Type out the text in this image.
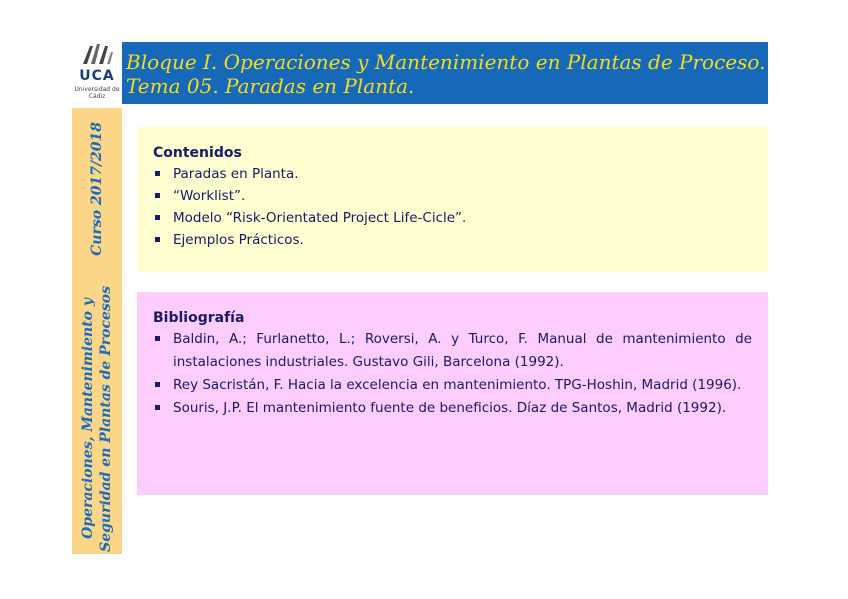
UCA
Universidad de Cádiz
Bloque I. Operaciones y Mantenimiento en Plantas de Proceso.
Tema 05. Paradas en Planta.
Curso 2017/2018
Operaciones, Mantenimiento y Seguridad en Plantas de Procesos
Contenidos
Paradas en Planta.
“Worklist”.
Modelo “Risk-Orientated Project Life-Cicle”.
Ejemplos Prácticos.
Bibliografía
Baldin, A.; Furlanetto, L.; Roversi, A. y Turco, F. Manual de mantenimiento de instalaciones industriales. Gustavo Gili, Barcelona (1992).
Rey Sacristán, F. Hacia la excelencia en mantenimiento. TPG-Hoshin, Madrid (1996).
Souris, J.P. El mantenimiento fuente de beneficios. Díaz de Santos, Madrid (1992).
